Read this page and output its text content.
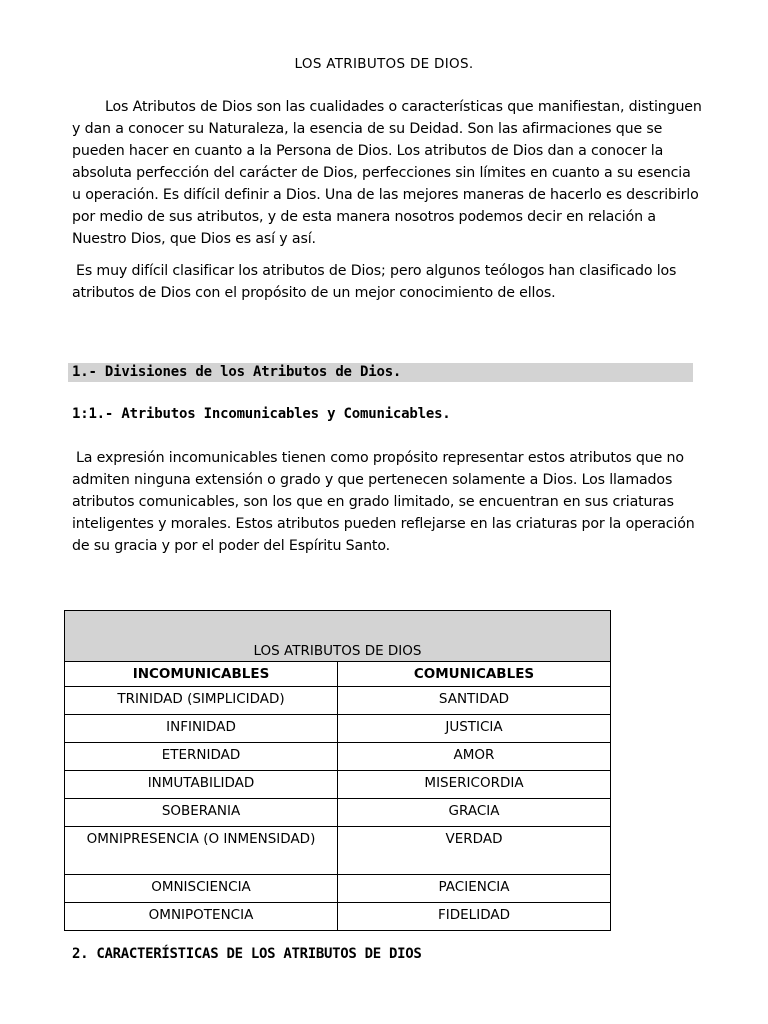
LOS ATRIBUTOS DE DIOS.
Los Atributos de Dios son las cualidades o características que manifiestan, distinguen y dan a conocer su Naturaleza, la esencia de su Deidad. Son las afirmaciones que se pueden hacer en cuanto a la Persona de Dios. Los atributos de Dios dan a conocer la absoluta perfección del carácter de Dios, perfecciones sin límites en cuanto a su esencia u operación. Es difícil definir a Dios. Una de las mejores maneras de hacerlo es describirlo por medio de sus atributos, y de esta manera nosotros podemos decir en relación a Nuestro Dios, que Dios es así y así.
Es muy difícil clasificar los atributos de Dios; pero algunos teólogos han clasificado los atributos de Dios con el propósito de un mejor conocimiento de ellos.
1.- Divisiones de los Atributos de Dios.
1:1.- Atributos Incomunicables y Comunicables.
La expresión incomunicables tienen como propósito representar estos atributos que no admiten ninguna extensión o grado y que pertenecen solamente a Dios. Los llamados atributos comunicables, son los que en grado limitado, se encuentran en sus criaturas inteligentes y morales. Estos atributos pueden reflejarse en las criaturas por la operación de su gracia y por el poder del Espíritu Santo.
LOS ATRIBUTOS DE DIOS	
INCOMUNICABLES	COMUNICABLES
TRINIDAD (SIMPLICIDAD)	SANTIDAD
INFINIDAD	JUSTICIA
ETERNIDAD	AMOR
INMUTABILIDAD	MISERICORDIA
SOBERANIA	GRACIA
OMNIPRESENCIA (O INMENSIDAD)	VERDAD
OMNISCIENCIA	PACIENCIA
OMNIPOTENCIA	FIDELIDAD
2. CARACTERÍSTICAS DE LOS ATRIBUTOS DE DIOS
